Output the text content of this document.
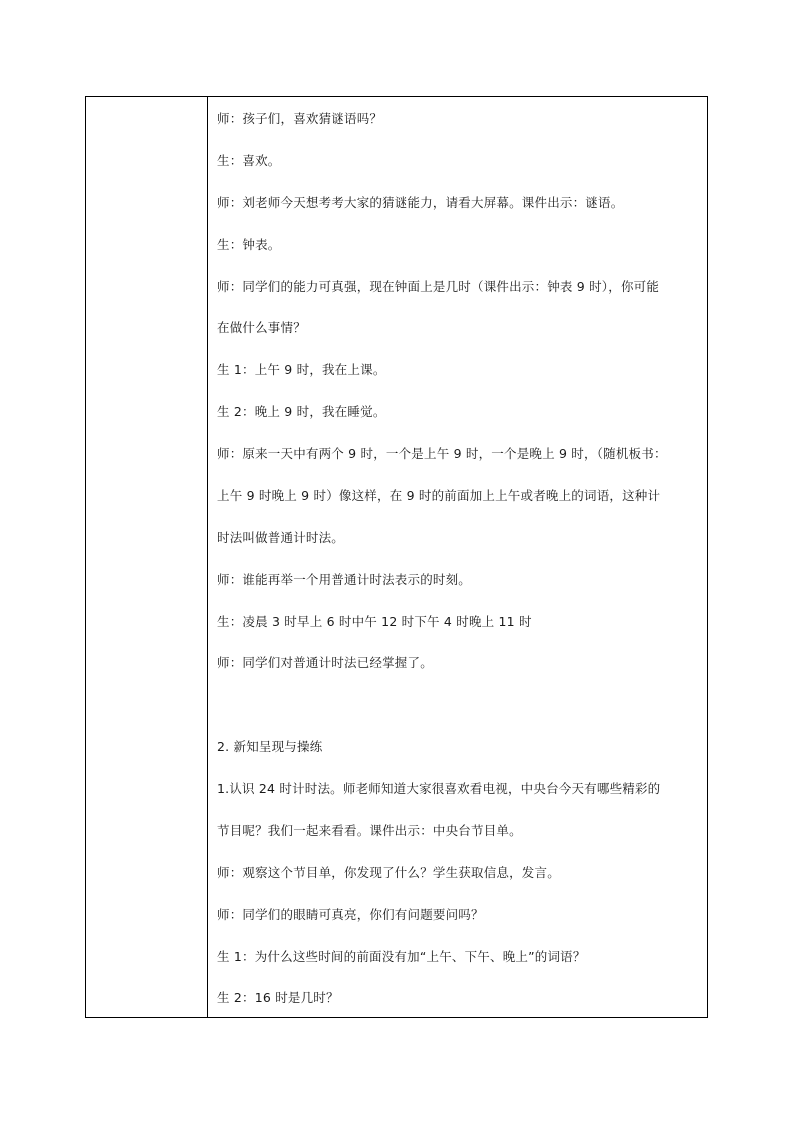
师：孩子们，喜欢猜谜语吗？
生：喜欢。
师：刘老师今天想考考大家的猜谜能力，请看大屏幕。课件出示：谜语。
生：钟表。
师：同学们的能力可真强，现在钟面上是几时（课件出示：钟表 9 时），你可能
在做什么事情？
生 1：上午 9 时，我在上课。
生 2：晚上 9 时，我在睡觉。
师：原来一天中有两个 9 时，一个是上午 9 时，一个是晚上 9 时，（随机板书：
上午 9 时晚上 9 时）像这样，在 9 时的前面加上上午或者晚上的词语，这种计
时法叫做普通计时法。
师：谁能再举一个用普通计时法表示的时刻。
生：凌晨 3 时早上 6 时中午 12 时下午 4 时晚上 11 时
师：同学们对普通计时法已经掌握了。
2. 新知呈现与操练
1.认识 24 时计时法。师老师知道大家很喜欢看电视，中央台今天有哪些精彩的
节目呢？我们一起来看看。课件出示：中央台节目单。
师：观察这个节目单，你发现了什么？学生获取信息，发言。
师：同学们的眼睛可真亮，你们有问题要问吗？
生 1：为什么这些时间的前面没有加“上午、下午、晚上”的词语？
生 2：16 时是几时？
